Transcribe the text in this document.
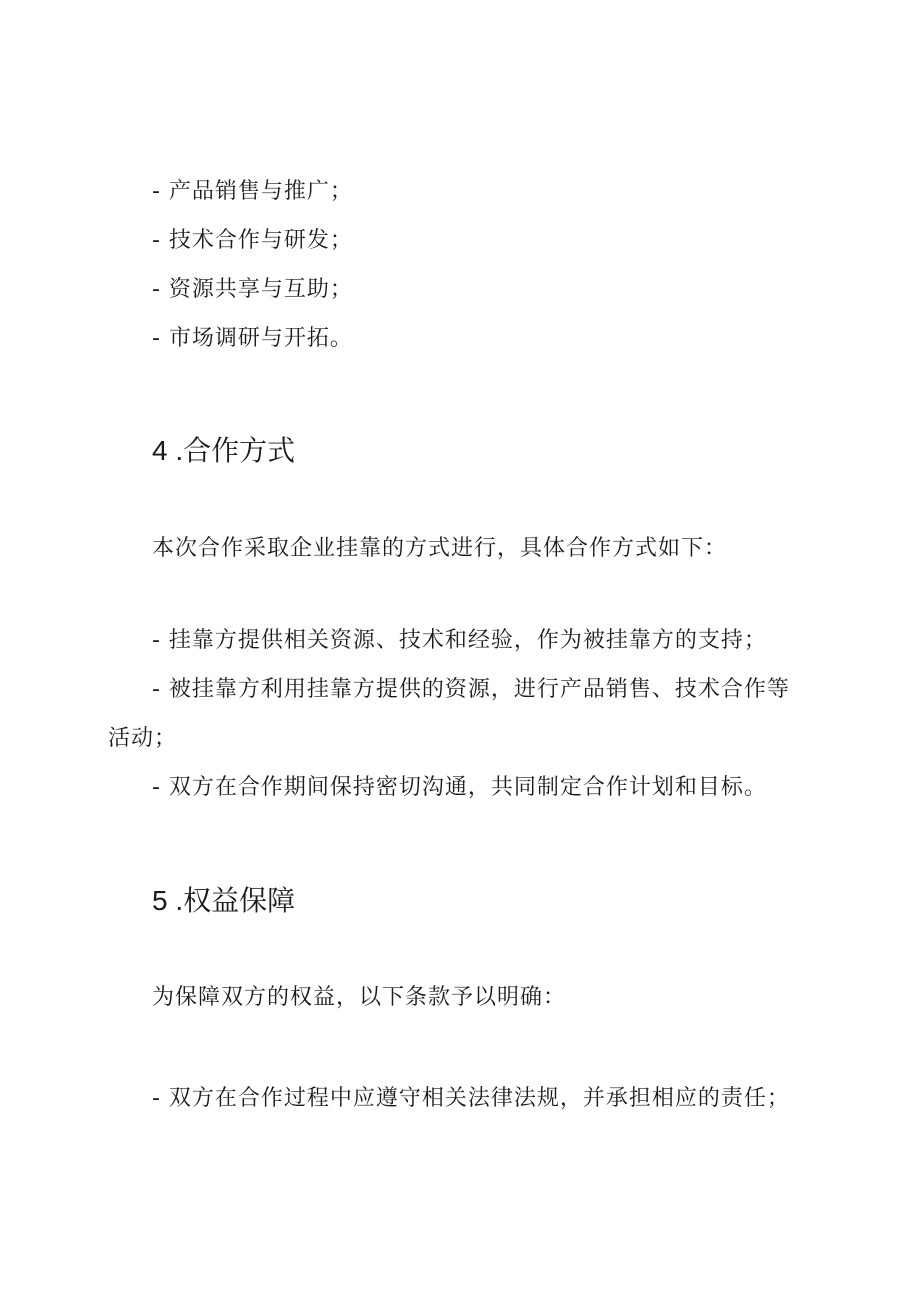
- 产品销售与推广；
- 技术合作与研发；
- 资源共享与互助；
- 市场调研与开拓。
4 .合作方式
本次合作采取企业挂靠的方式进行，具体合作方式如下：
- 挂靠方提供相关资源、技术和经验，作为被挂靠方的支持；
- 被挂靠方利用挂靠方提供的资源，进行产品销售、技术合作等
活动；
- 双方在合作期间保持密切沟通，共同制定合作计划和目标。
5 .权益保障
为保障双方的权益，以下条款予以明确：
- 双方在合作过程中应遵守相关法律法规，并承担相应的责任；
